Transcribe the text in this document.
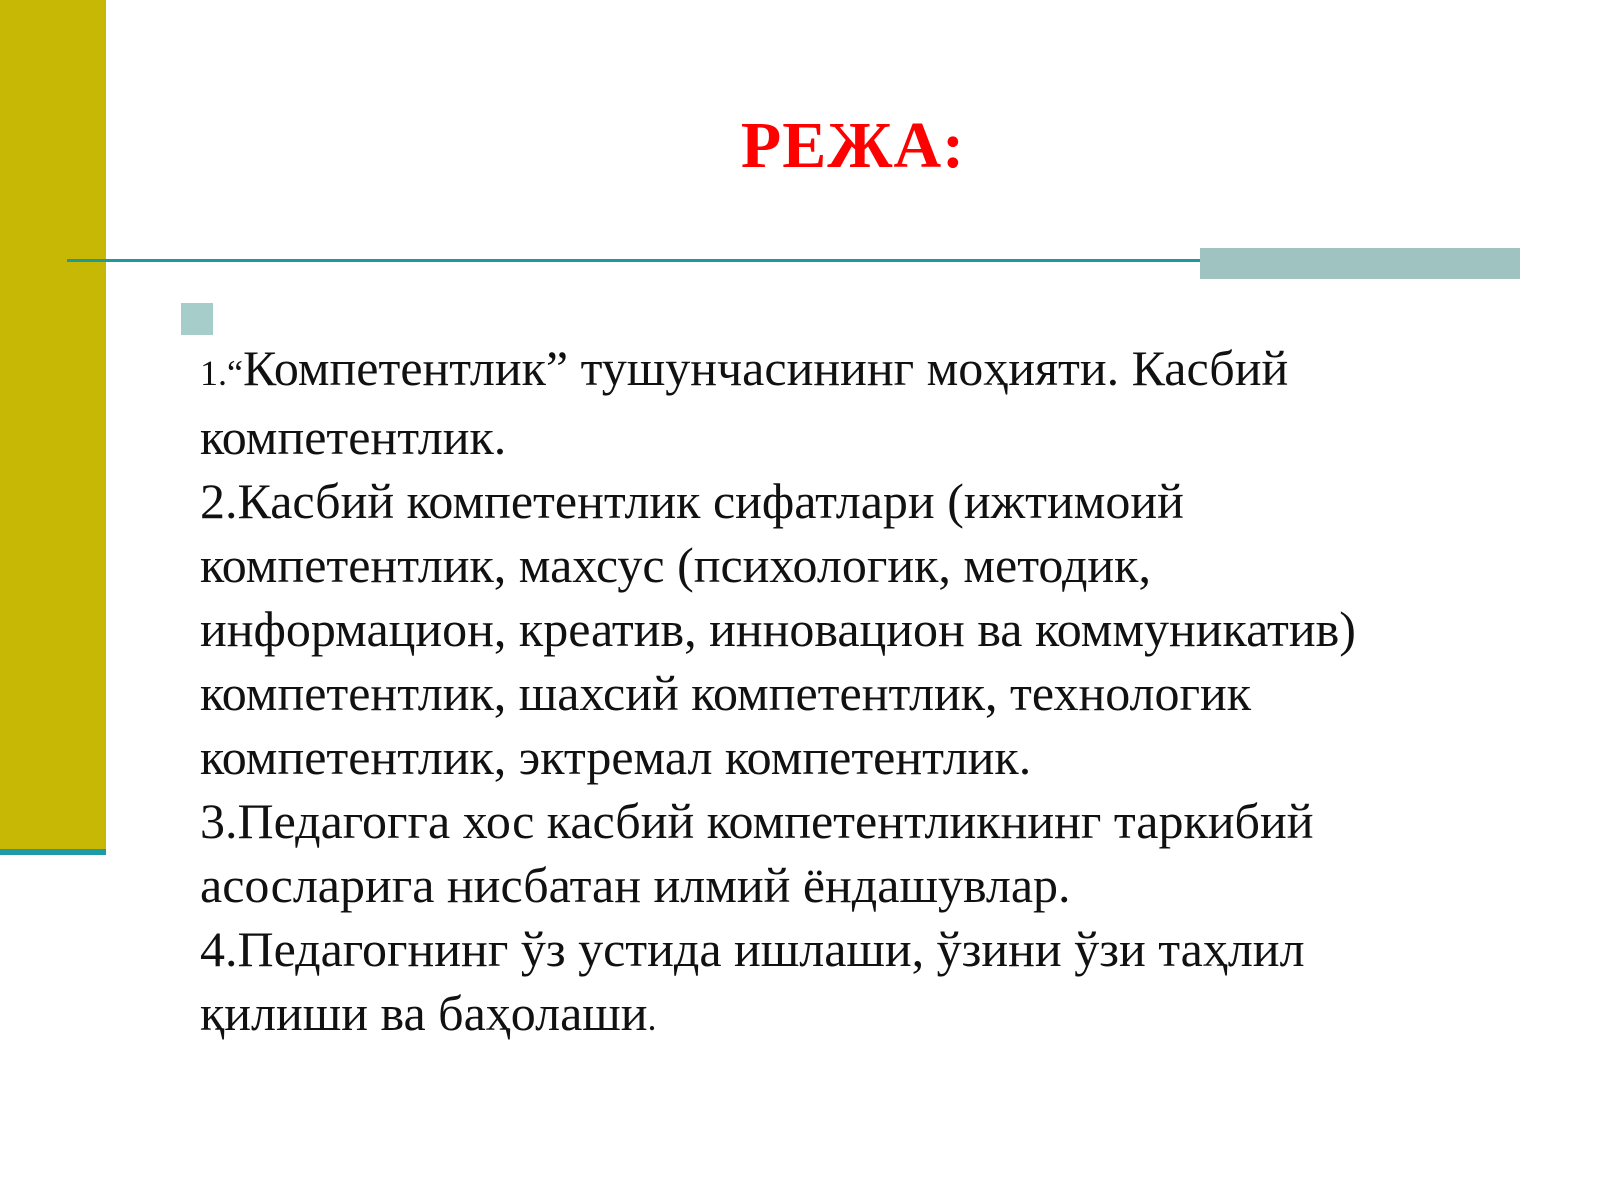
РЕЖА:

1.“Компетентлик” тушунчасининг моҳияти. Касбий компетентлик.

2.Касбий компетентлик сифатлари (ижтимоий компетентлик, махсус (психологик, методик, информацион, креатив, инновацион ва коммуникатив) компетентлик, шахсий компетентлик, технологик компетентлик, эктремал компетентлик.

3.Педагогга хос касбий компетентликнинг таркибий асосларига нисбатан илмий ёндашувлар.

4.Педагогнинг ўз устида ишлаши, ўзини ўзи таҳлил қилиши ва баҳолаши.
